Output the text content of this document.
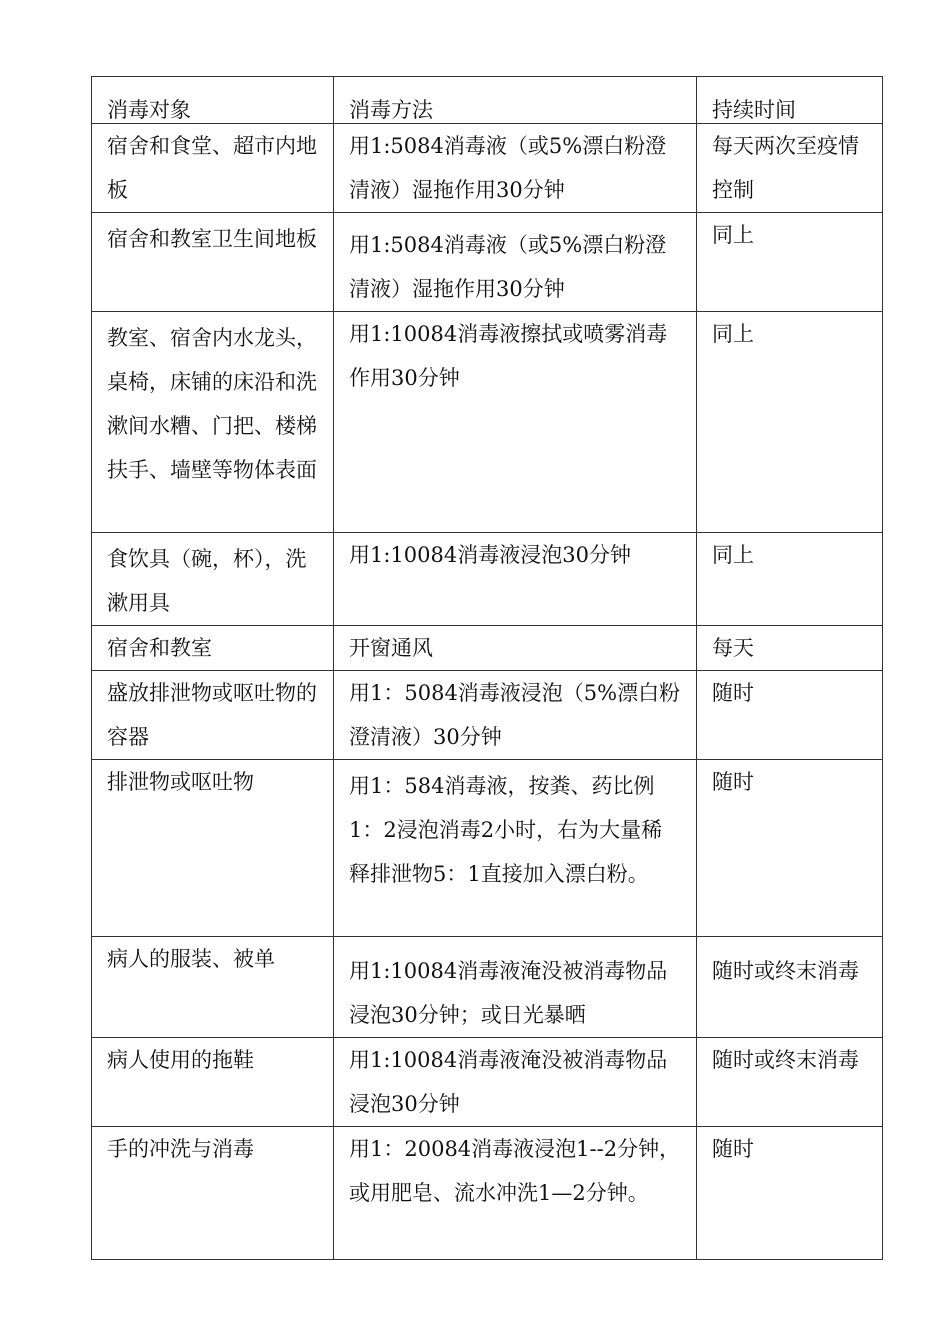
消毒对象	消毒方法	持续时间
宿舍和食堂、超市内地板	用1:5084消毒液（或5%漂白粉澄清液）湿拖作用30分钟	每天两次至疫情控制
宿舍和教室卫生间地板	用1:5084消毒液（或5%漂白粉澄清液）湿拖作用30分钟	同上
教室、宿舍内水龙头，桌椅，床铺的床沿和洗漱间水糟、门把、楼梯扶手、墙壁等物体表面	用1:10084消毒液擦拭或喷雾消毒作用30分钟	同上
食饮具（碗，杯），洗漱用具	用1:10084消毒液浸泡30分钟	同上
宿舍和教室	开窗通风	每天
盛放排泄物或呕吐物的容器	用1：5084消毒液浸泡（5%漂白粉澄清液）30分钟	随时
排泄物或呕吐物	用1：584消毒液，按粪、药比例1：2浸泡消毒2小时，右为大量稀释排泄物5：1直接加入漂白粉。	随时
病人的服装、被单	用1:10084消毒液淹没被消毒物品浸泡30分钟；或日光暴晒	随时或终末消毒
病人使用的拖鞋	用1:10084消毒液淹没被消毒物品浸泡30分钟	随时或终末消毒
手的冲洗与消毒	用1：20084消毒液浸泡1--2分钟，或用肥皂、流水冲洗1—2分钟。	随时
